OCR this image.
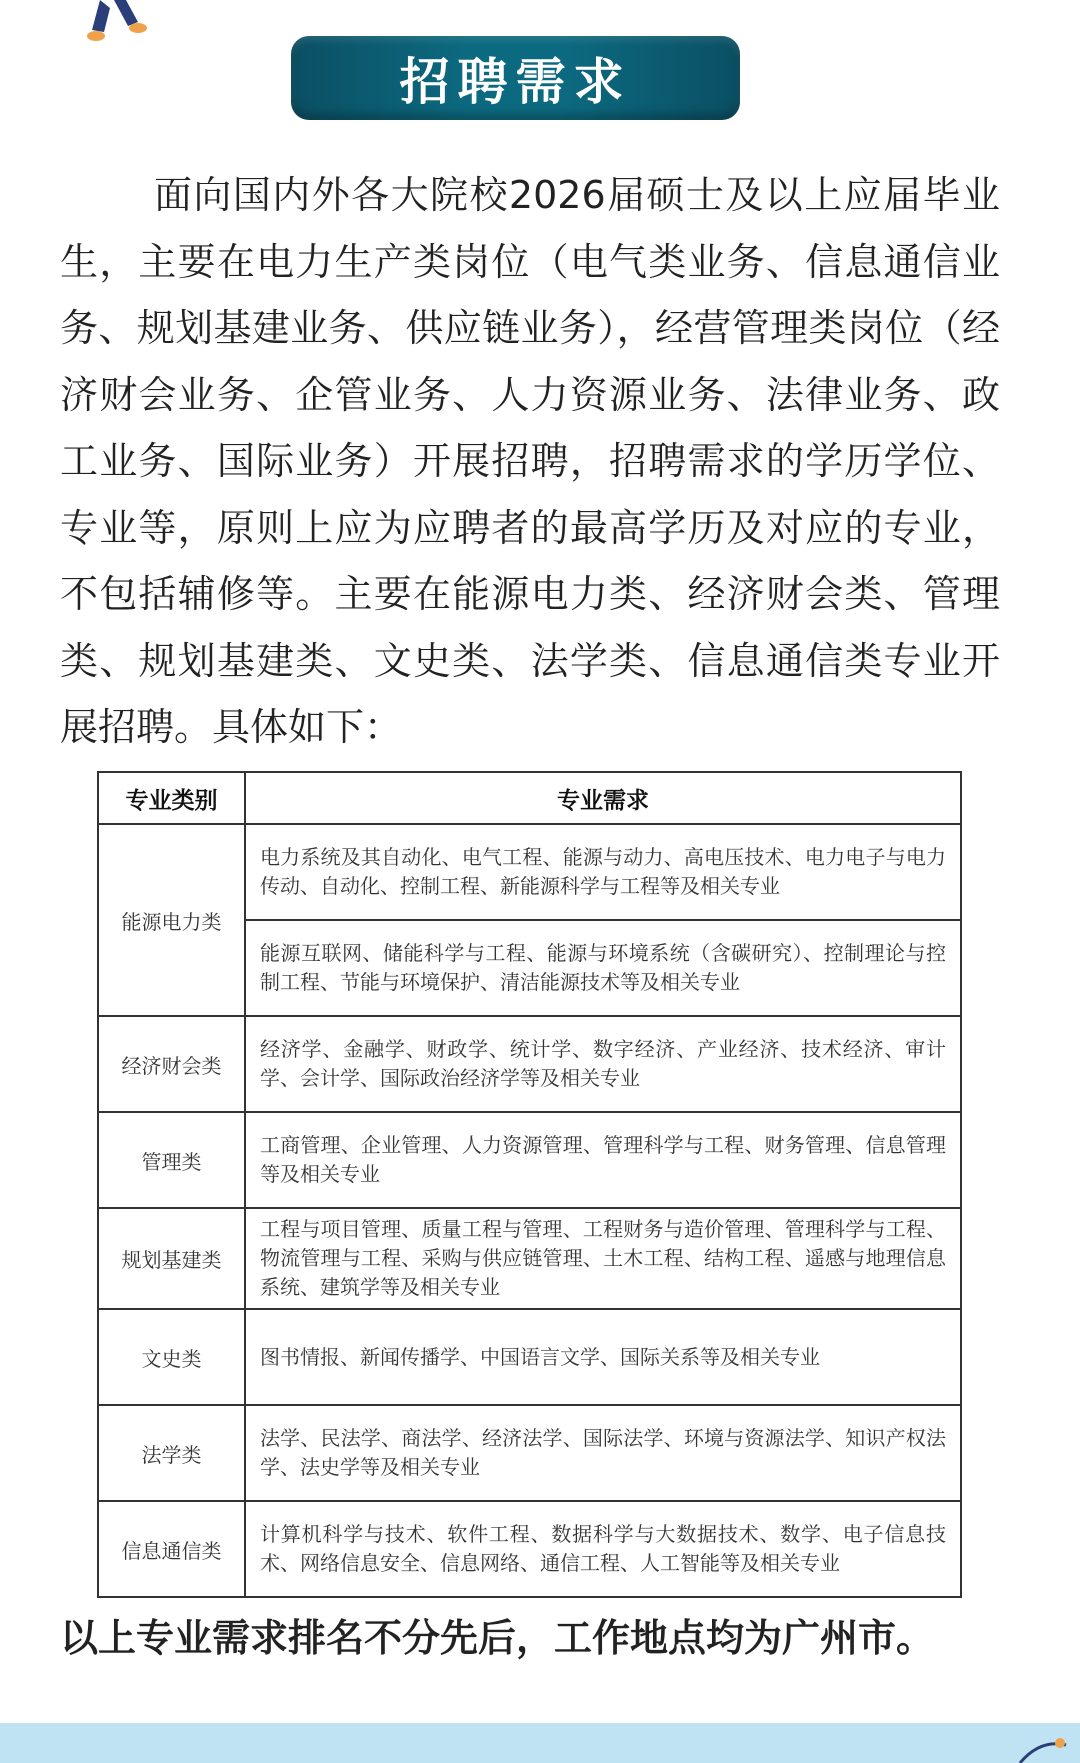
招聘需求

面向国内外各大院校2026届硕士及以上应届毕业生，主要在电力生产类岗位（电气类业务、信息通信业务、规划基建业务、供应链业务），经营管理类岗位（经济财会业务、企管业务、人力资源业务、法律业务、政工业务、国际业务）开展招聘，招聘需求的学历学位、专业等，原则上应为应聘者的最高学历及对应的专业，不包括辅修等。主要在能源电力类、经济财会类、管理类、规划基建类、文史类、法学类、信息通信类专业开展招聘。具体如下：

专业类别	专业需求
能源电力类	电力系统及其自动化、电气工程、能源与动力、高电压技术、电力电子与电力传动、自动化、控制工程、新能源科学与工程等及相关专业
	能源互联网、储能科学与工程、能源与环境系统（含碳研究）、控制理论与控制工程、节能与环境保护、清洁能源技术等及相关专业
经济财会类	经济学、金融学、财政学、统计学、数字经济、产业经济、技术经济、审计学、会计学、国际政治经济学等及相关专业
管理类	工商管理、企业管理、人力资源管理、管理科学与工程、财务管理、信息管理等及相关专业
规划基建类	工程与项目管理、质量工程与管理、工程财务与造价管理、管理科学与工程、物流管理与工程、采购与供应链管理、土木工程、结构工程、遥感与地理信息系统、建筑学等及相关专业
文史类	图书情报、新闻传播学、中国语言文学、国际关系等及相关专业
法学类	法学、民法学、商法学、经济法学、国际法学、环境与资源法学、知识产权法学、法史学等及相关专业
信息通信类	计算机科学与技术、软件工程、数据科学与大数据技术、数学、电子信息技术、网络信息安全、信息网络、通信工程、人工智能等及相关专业

以上专业需求排名不分先后，工作地点均为广州市。
